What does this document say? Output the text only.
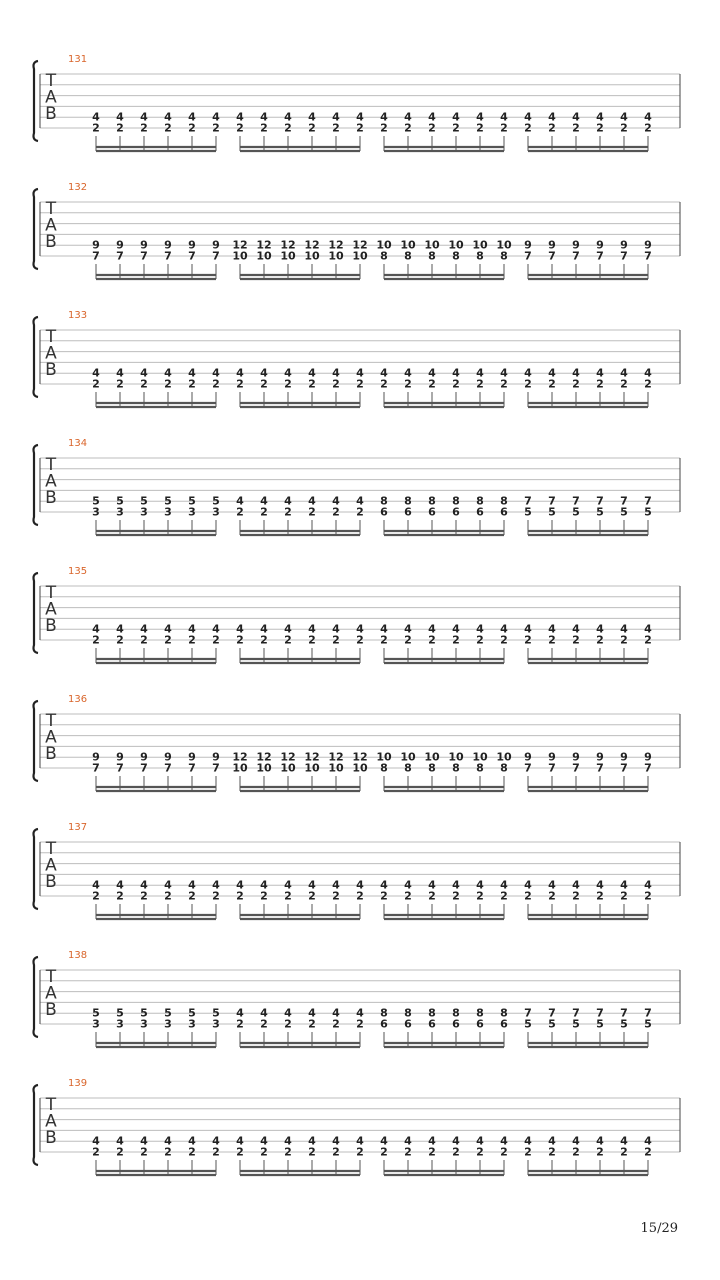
131
T
A
B	4
2
4
2
4
2
4
2
4
2
4
2
4
2
4
2
4
2
4
2
4
2
4
2
4
2
4
2
4
2
4
2
4
2
4
2
4
2
4
2
4
2
4
2
4
2
4
2
132
T
A
B	9
7
9
7
9
7
9
7
9
7
9
7
12
10
12
10
12
10
12
10
12
10
12
10
10
8
10
8
10
8
10
8
10
8
10
8
9
7
9
7
9
7
9
7
9
7
9
7
133
T
A
B	4
2
4
2
4
2
4
2
4
2
4
2
4
2
4
2
4
2
4
2
4
2
4
2
4
2
4
2
4
2
4
2
4
2
4
2
4
2
4
2
4
2
4
2
4
2
4
2
134
T
A
B	5
3
5
3
5
3
5
3
5
3
5
3
4
2
4
2
4
2
4
2
4
2
4
2
8
6
8
6
8
6
8
6
8
6
8
6
7
5
7
5
7
5
7
5
7
5
7
5
135
T
A
B	4
2
4
2
4
2
4
2
4
2
4
2
4
2
4
2
4
2
4
2
4
2
4
2
4
2
4
2
4
2
4
2
4
2
4
2
4
2
4
2
4
2
4
2
4
2
4
2
136
T
A
B	9
7
9
7
9
7
9
7
9
7
9
7
12
10
12
10
12
10
12
10
12
10
12
10
10
8
10
8
10
8
10
8
10
8
10
8
9
7
9
7
9
7
9
7
9
7
9
7
137
T
A
B	4
2
4
2
4
2
4
2
4
2
4
2
4
2
4
2
4
2
4
2
4
2
4
2
4
2
4
2
4
2
4
2
4
2
4
2
4
2
4
2
4
2
4
2
4
2
4
2
138
T
A
B	5
3
5
3
5
3
5
3
5
3
5
3
4
2
4
2
4
2
4
2
4
2
4
2
8
6
8
6
8
6
8
6
8
6
8
6
7
5
7
5
7
5
7
5
7
5
7
5
139
T
A
B	4
2
4
2
4
2
4
2
4
2
4
2
4
2
4
2
4
2
4
2
4
2
4
2
4
2
4
2
4
2
4
2
4
2
4
2
4
2
4
2
4
2
4
2
4
2
4
2
15/29
